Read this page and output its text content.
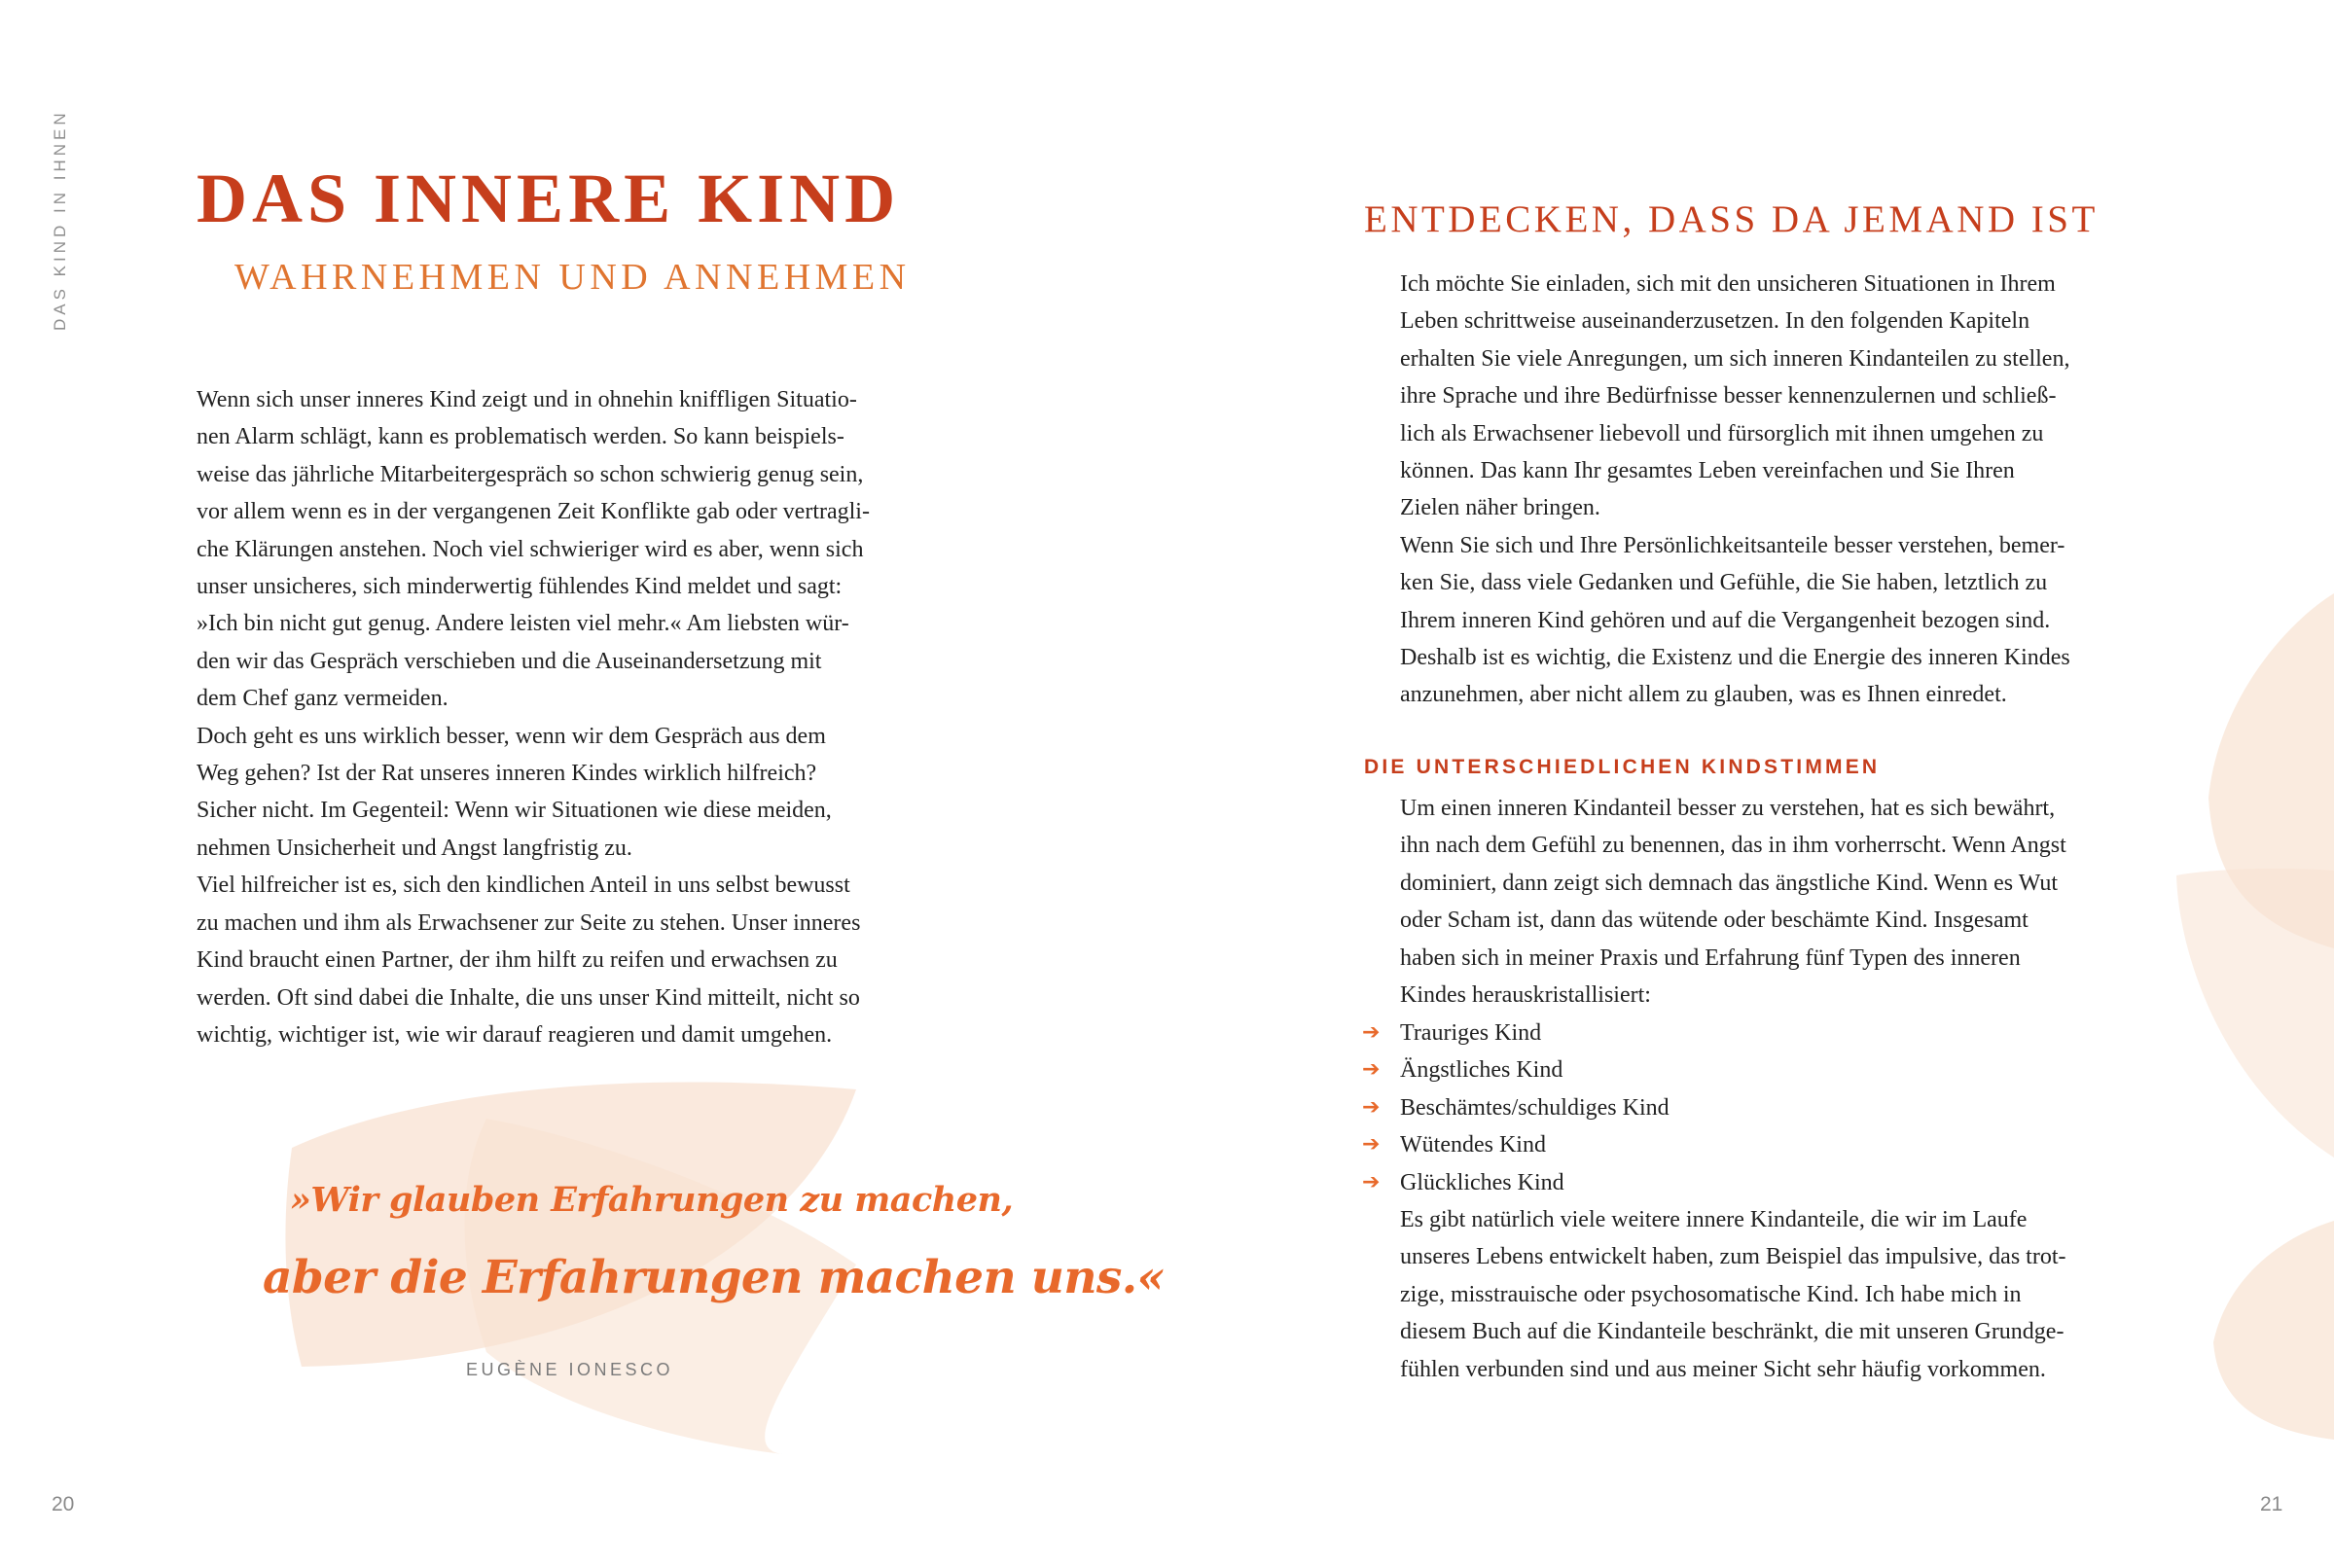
DAS KIND IN IHNEN DAS INNERE KIND
WAHRNEHMEN UND ANNEHMEN
Wenn sich unser inneres Kind zeigt und in ohnehin kniffligen Situatio-
nen Alarm schlägt, kann es problematisch werden. So kann beispiels-
weise das jährliche Mitarbeitergespräch so schon schwierig genug sein,
vor allem wenn es in der vergangenen Zeit Konflikte gab oder vertragli-
che Klärungen anstehen. Noch viel schwieriger wird es aber, wenn sich
unser unsicheres, sich minderwertig fühlendes Kind meldet und sagt:
»Ich bin nicht gut genug. Andere leisten viel mehr.« Am liebsten wür-
den wir das Gespräch verschieben und die Auseinandersetzung mit
dem Chef ganz vermeiden.
Doch geht es uns wirklich besser, wenn wir dem Gespräch aus dem
Weg gehen? Ist der Rat unseres inneren Kindes wirklich hilfreich?
Sicher nicht. Im Gegenteil: Wenn wir Situationen wie diese meiden,
nehmen Unsicherheit und Angst langfristig zu.
Viel hilfreicher ist es, sich den kindlichen Anteil in uns selbst bewusst
zu machen und ihm als Erwachsener zur Seite zu stehen. Unser inneres
Kind braucht einen Partner, der ihm hilft zu reifen und erwachsen zu
werden. Oft sind dabei die Inhalte, die uns unser Kind mitteilt, nicht so
wichtig, wichtiger ist, wie wir darauf reagieren und damit umgehen.
»Wir glauben Erfahrungen zu machen,
aber die Erfahrungen machen uns.«
EUGÈNE IONESCO
20
ENTDECKEN, DASS DA JEMAND IST
Ich möchte Sie einladen, sich mit den unsicheren Situationen in Ihrem
Leben schrittweise auseinanderzusetzen. In den folgenden Kapiteln
erhalten Sie viele Anregungen, um sich inneren Kindanteilen zu stellen,
ihre Sprache und ihre Bedürfnisse besser kennenzulernen und schließ-
lich als Erwachsener liebevoll und fürsorglich mit ihnen umgehen zu
können. Das kann Ihr gesamtes Leben vereinfachen und Sie Ihren
Zielen näher bringen.
Wenn Sie sich und Ihre Persönlichkeitsanteile besser verstehen, bemer-
ken Sie, dass viele Gedanken und Gefühle, die Sie haben, letztlich zu
Ihrem inneren Kind gehören und auf die Vergangenheit bezogen sind.
Deshalb ist es wichtig, die Existenz und die Energie des inneren Kindes
anzunehmen, aber nicht allem zu glauben, was es Ihnen einredet.
DIE UNTERSCHIEDLICHEN KINDSTIMMEN
Um einen inneren Kindanteil besser zu verstehen, hat es sich bewährt,
ihn nach dem Gefühl zu benennen, das in ihm vorherrscht. Wenn Angst
dominiert, dann zeigt sich demnach das ängstliche Kind. Wenn es Wut
oder Scham ist, dann das wütende oder beschämte Kind. Insgesamt
haben sich in meiner Praxis und Erfahrung fünf Typen des inneren
Kindes herauskristallisiert:
➔ Trauriges Kind
➔ Ängstliches Kind
➔ Beschämtes/schuldiges Kind
➔ Wütendes Kind
➔ Glückliches Kind
Es gibt natürlich viele weitere innere Kindanteile, die wir im Laufe
unseres Lebens entwickelt haben, zum Beispiel das impulsive, das trot-
zige, misstrauische oder psychosomatische Kind. Ich habe mich in
diesem Buch auf die Kindanteile beschränkt, die mit unseren Grundge-
fühlen verbunden sind und aus meiner Sicht sehr häufig vorkommen.
21
